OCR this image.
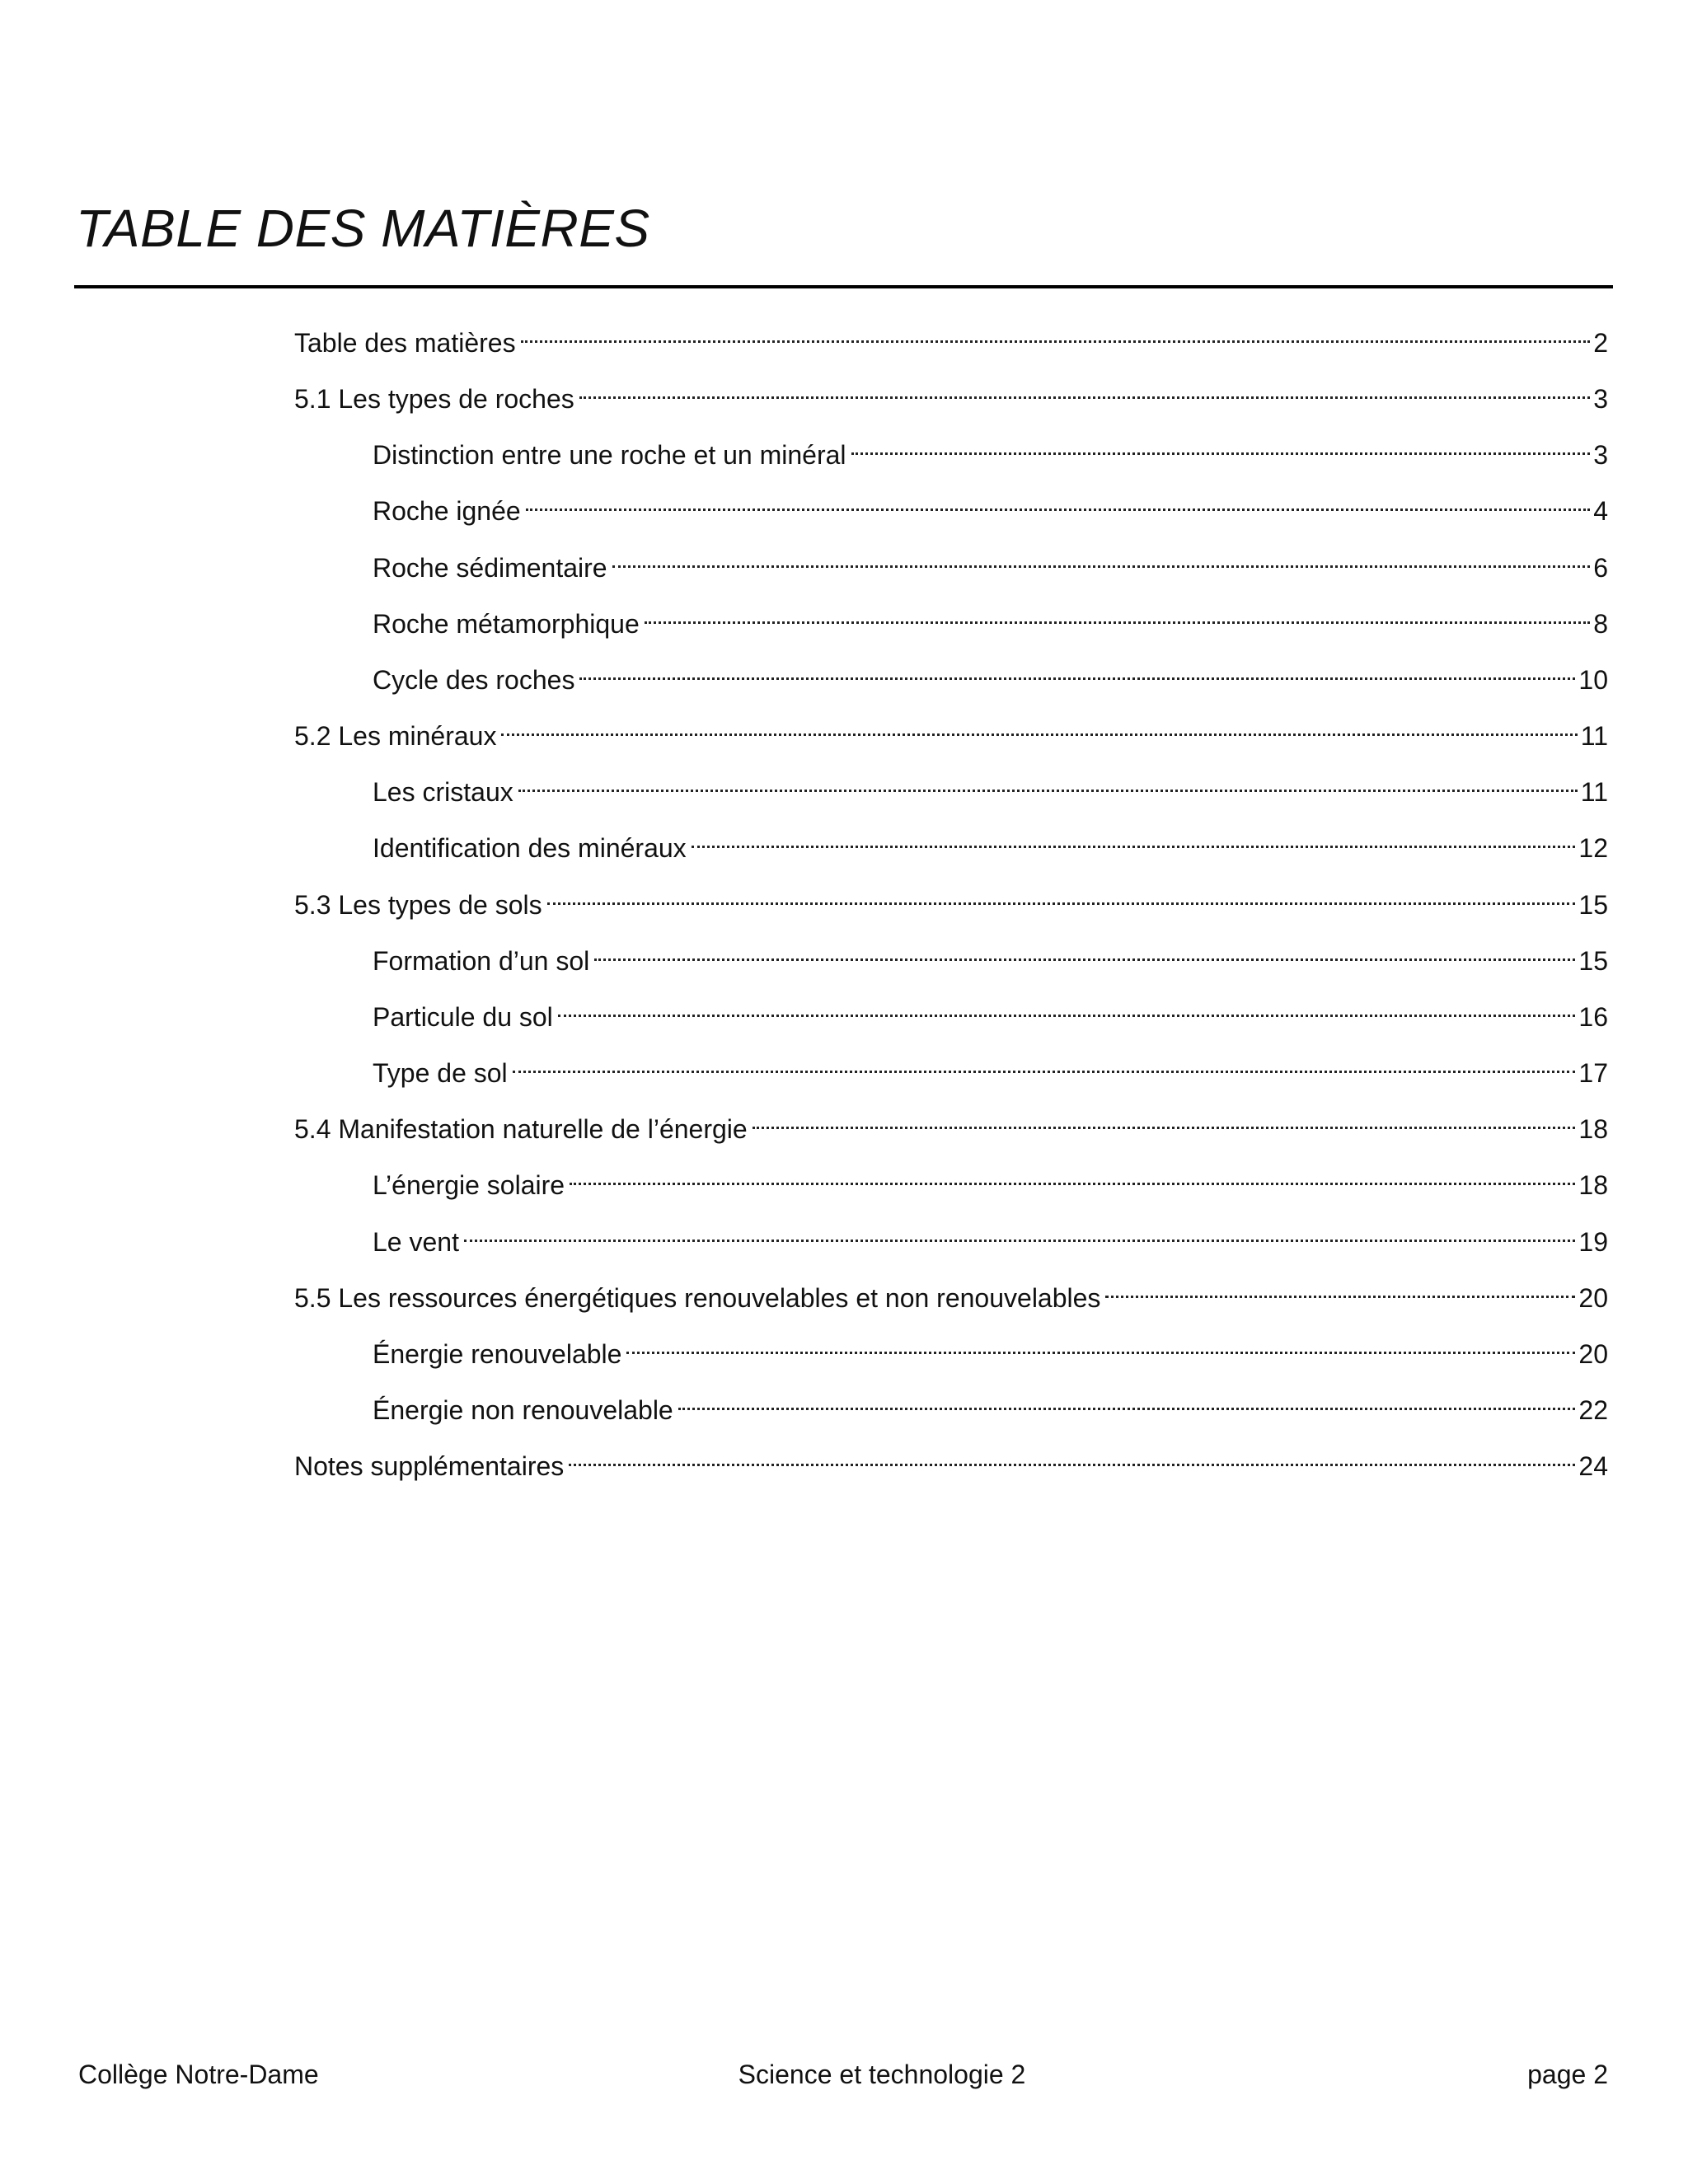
TABLE DES MATIÈRES
Table des matières	2
5.1 Les types de roches	3
Distinction entre une roche et un minéral	3
Roche ignée	4
Roche sédimentaire	6
Roche métamorphique	8
Cycle des roches	10
5.2 Les minéraux	11
Les cristaux	11
Identification des minéraux	12
5.3 Les types de sols	15
Formation d’un sol	15
Particule du sol	16
Type de sol	17
5.4 Manifestation naturelle de l’énergie	18
L’énergie solaire	18
Le vent	19
5.5 Les ressources énergétiques renouvelables et non renouvelables	20
Énergie renouvelable	20
Énergie non renouvelable	22
Notes supplémentaires	24
Collège Notre-Dame	Science et technologie 2	page 2
